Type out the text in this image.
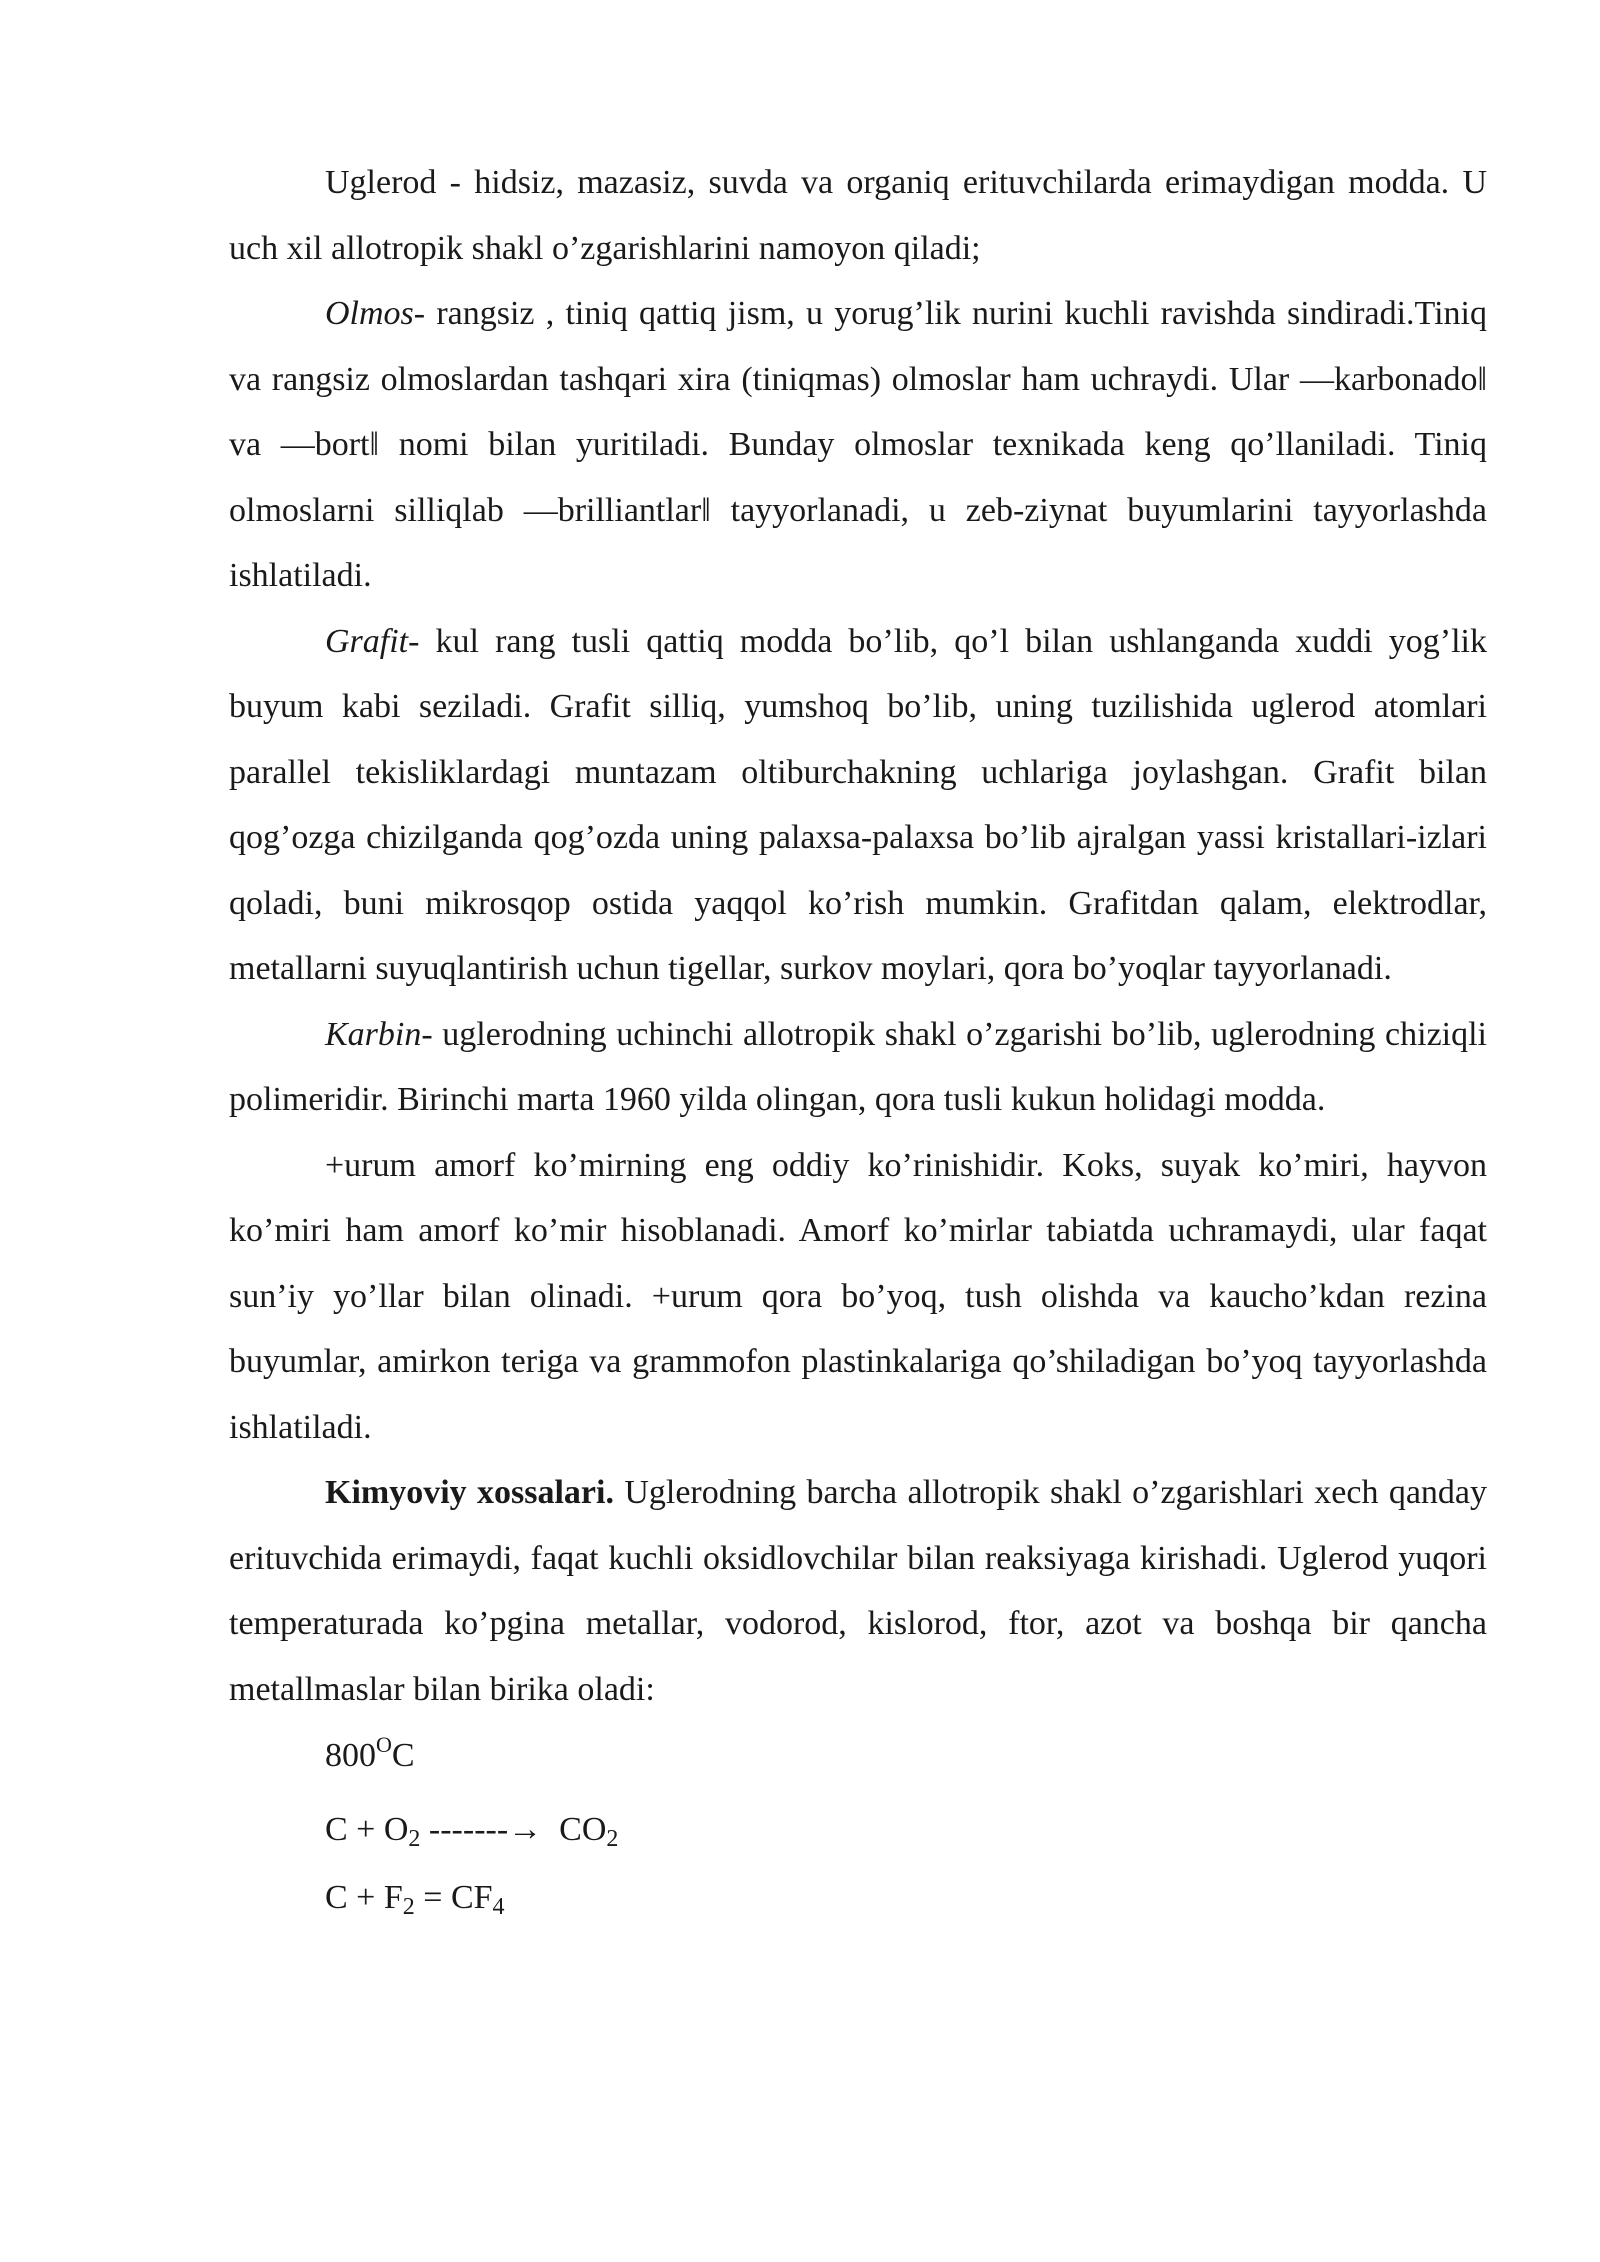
Uglerod - hidsiz, mazasiz, suvda va organiq erituvchilarda erimaydigan modda. U uch xil allotropik shakl o’zgarishlarini namoyon qiladi;

Olmos- rangsiz , tiniq qattiq jism, u yorug’lik nurini kuchli ravishda sindiradi.Tiniq va rangsiz olmoslardan tashqari xira (tiniqmas) olmoslar ham uchraydi. Ular ―karbonado‖ va ―bort‖ nomi bilan yuritiladi. Bunday olmoslar texnikada keng qo’llaniladi. Tiniq olmoslarni silliqlab ―brilliantlar‖ tayyorlanadi, u zeb-ziynat buyumlarini tayyorlashda ishlatiladi.

Grafit- kul rang tusli qattiq modda bo’lib, qo’l bilan ushlanganda xuddi yog’lik buyum kabi seziladi. Grafit silliq, yumshoq bo’lib, uning tuzilishida uglerod atomlari parallel tekisliklardagi muntazam oltiburchakning uchlariga joylashgan. Grafit bilan qog’ozga chizilganda qog’ozda uning palaxsa-palaxsa bo’lib ajralgan yassi kristallari-izlari qoladi, buni mikrosqop ostida yaqqol ko’rish mumkin. Grafitdan qalam, elektrodlar, metallarni suyuqlantirish uchun tigellar, surkov moylari, qora bo’yoqlar tayyorlanadi.

Karbin- uglerodning uchinchi allotropik shakl o’zgarishi bo’lib, uglerodning chiziqli polimeridir. Birinchi marta 1960 yilda olingan, qora tusli kukun holidagi modda.

+urum amorf ko’mirning eng oddiy ko’rinishidir. Koks, suyak ko’miri, hayvon ko’miri ham amorf ko’mir hisoblanadi. Amorf ko’mirlar tabiatda uchramaydi, ular faqat sun’iy yo’llar bilan olinadi. +urum qora bo’yoq, tush olishda va kaucho’kdan rezina buyumlar, amirkon teriga va grammofon plastinkalariga qo’shiladigan bo’yoq tayyorlashda ishlatiladi.

Kimyoviy xossalari. Uglerodning barcha allotropik shakl o’zgarishlari xech qanday erituvchida erimaydi, faqat kuchli oksidlovchilar bilan reaksiyaga kirishadi. Uglerod yuqori temperaturada ko’pgina metallar, vodorod, kislorod, ftor, azot va boshqa bir qancha metallmaslar bilan birika oladi:

$800^OC$
$C + O_2$ -------→  $CO_2$
$C + F_2 = CF_4$
